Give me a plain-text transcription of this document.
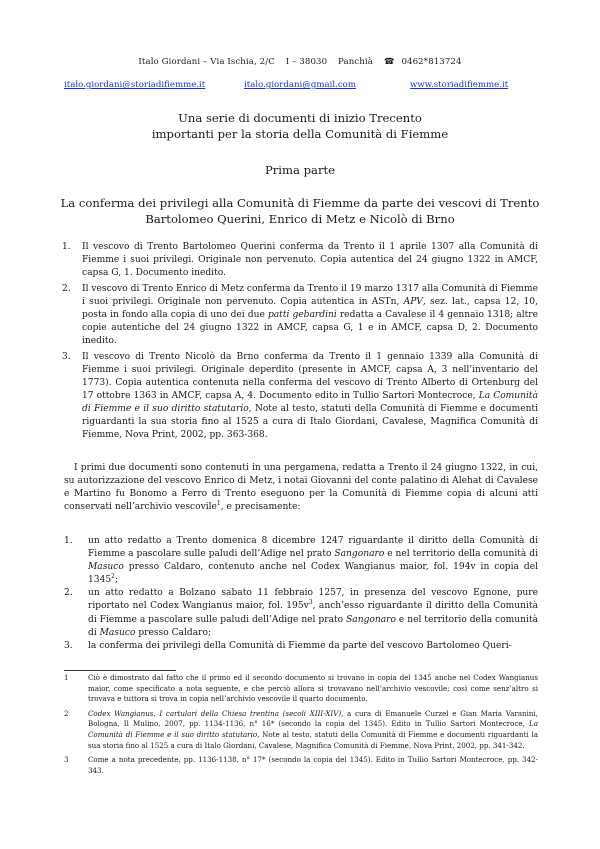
Italo Giordani – Via Ischia, 2/C I – 38030 Panchià ☎ 0462*813724
italo.giordani@storiadifiemme.it	italo.giordani@gmail.com	www.storiadifiemme.it
Una serie di documenti di inizio Trecento
importanti per la storia della Comunità di Fiemme
Prima parte
La conferma dei privilegi alla Comunità di Fiemme da parte dei vescovi di Trento
Bartolomeo Querini, Enrico di Metz e Nicolò di Brno
1. Il vescovo di Trento Bartolomeo Querini conferma da Trento il 1 aprile 1307 alla Comunità di Fiemme i suoi privilegi. Originale non pervenuto. Copia autentica del 24 giugno 1322 in AMCF, capsa G, 1. Documento inedito.
2. Il vescovo di Trento Enrico di Metz conferma da Trento il 19 marzo 1317 alla Comunità di Fiemme i suoi privilegi. Originale non pervenuto. Copia autentica in ASTn, APV, sez. lat., capsa 12, 10, posta in fondo alla copia di uno dei due patti gebardini redatta a Cavalese il 4 gennaio 1318; altre copie autentiche del 24 giugno 1322 in AMCF, capsa G, 1 e in AMCF, capsa D, 2. Documento inedito.
3. Il vescovo di Trento Nicolò da Brno conferma da Trento il 1 gennaio 1339 alla Comunità di Fiemme i suoi privilegi. Originale deperdito (presente in AMCF, capsa A, 3 nell’inventario del 1773). Copia autentica contenuta nella conferma del vescovo di Trento Alberto di Ortenburg del 17 ottobre 1363 in AMCF, capsa A, 4. Documento edito in Tullio Sartori Montecroce, La Comunità di Fiemme e il suo diritto statutario, Note al testo, statuti della Comunità di Fiemme e documenti riguardanti la sua storia fino al 1525 a cura di Italo Giordani, Cavalese, Magnifica Comunità di Fiemme, Nova Print, 2002, pp. 363-368.

I primi due documenti sono contenuti in una pergamena, redatta a Trento il 24 giugno 1322, in cui, su autorizzazione del vescovo Enrico di Metz, i notai Giovanni del conte palatino di Alehat di Cavalese e Martino fu Bonomo a Ferro di Trento eseguono per la Comunità di Fiemme copia di alcuni atti conservati nell’archivio vescovile$^1$, e precisamente:

1. un atto redatto a Trento domenica 8 dicembre 1247 riguardante il diritto della Comunità di Fiemme a pascolare sulle paludi dell’Adige nel prato Sangonaro e nel territorio della comunità di Masuco presso Caldaro, contenuto anche nel Codex Wangianus maior, fol. 194v in copia del 1345$^2$;
2. un atto redatto a Bolzano sabato 11 febbraio 1257, in presenza del vescovo Egnone, pure riportato nel Codex Wangianus maior, fol. $195v^3$, anch’esso riguardante il diritto della Comunità di Fiemme a pascolare sulle paludi dell’Adige nel prato Sangonaro e nel territorio della comunità di Masuco presso Caldaro;
3. la conferma dei privilegi della Comunità di Fiemme da parte del vescovo Bartolomeo Queri-
1	Ciò è dimostrato dal fatto che il primo ed il secondo documento si trovano in copia del 1345 anche nel Codex Wangianus maior, come specificato a nota seguente, e che perciò allora si trovavano nell’archivio vescovile; così come senz’altro si trovava e tuttora si trova in copia nell’archivio vescovile il quarto documento.
2	Codex Wangianus. I cartulari della Chiesa trentina (secoli XIII-XIV), a cura di Emanuele Curzel e Gian Maria Varanini, Bologna, Il Mulino, 2007, pp. 1134-1136, n° 16* (secondo la copia del 1345). Edito in Tullio Sartori Montecroce, La Comunità di Fiemme e il suo diritto statutario, Note al testo, statuti della Comunità di Fiemme e documenti riguardanti la sua storia fino al 1525 a cura di Italo Giordani, Cavalese, Magnifica Comunità di Fiemme, Nova Print, 2002, pp. 341-342.
3	Come a nota precedente, pp. 1136-1138, n° 17* (secondo la copia del 1345). Edito in Tullio Sartori Montecroce, pp. 342-343.
